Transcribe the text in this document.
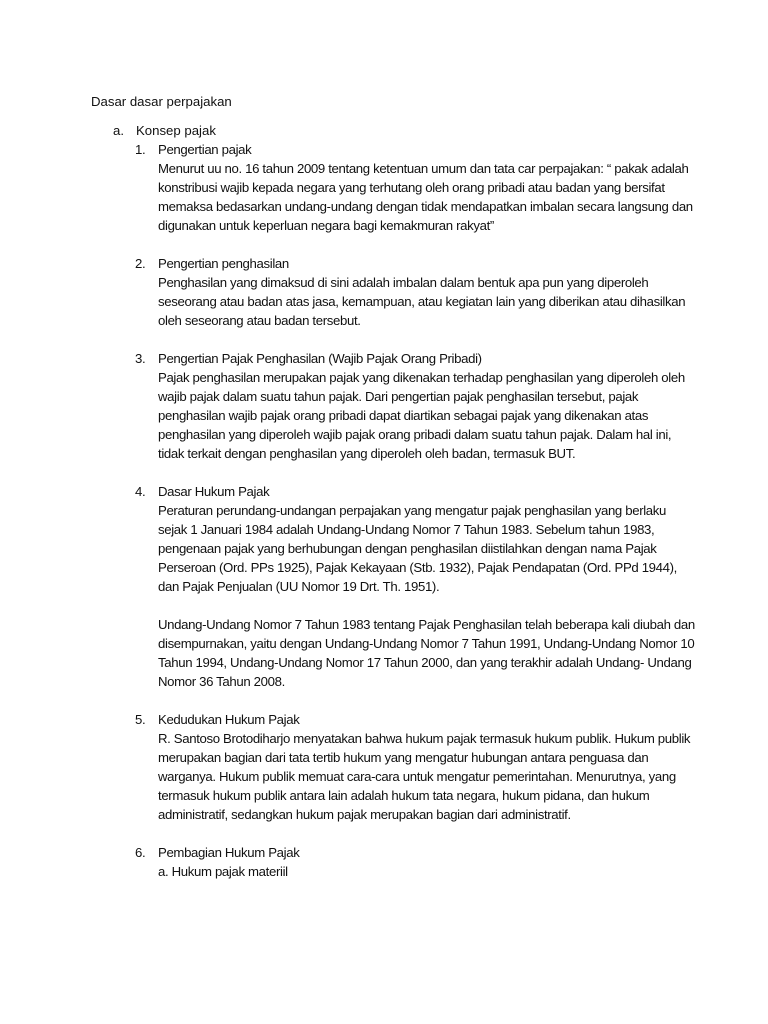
Dasar dasar perpajakan
a. Konsep pajak
1. Pengertian pajak

Menurut uu no. 16 tahun 2009 tentang ketentuan umum dan tata car perpajakan: “ pakak adalah konstribusi wajib kepada negara yang terhutang oleh orang pribadi atau badan yang bersifat memaksa bedasarkan undang-undang dengan tidak mendapatkan imbalan secara langsung dan digunakan untuk keperluan negara bagi kemakmuran rakyat”

2. Pengertian penghasilan

Penghasilan yang dimaksud di sini adalah imbalan dalam bentuk apa pun yang diperoleh seseorang atau badan atas jasa, kemampuan, atau kegiatan lain yang diberikan atau dihasilkan oleh seseorang atau badan tersebut.

3. Pengertian Pajak Penghasilan (Wajib Pajak Orang Pribadi)

Pajak penghasilan merupakan pajak yang dikenakan terhadap penghasilan yang diperoleh oleh wajib pajak dalam suatu tahun pajak. Dari pengertian pajak penghasilan tersebut, pajak penghasilan wajib pajak orang pribadi dapat diartikan sebagai pajak yang dikenakan atas penghasilan yang diperoleh wajib pajak orang pribadi dalam suatu tahun pajak. Dalam hal ini, tidak terkait dengan penghasilan yang diperoleh oleh badan, termasuk BUT.

4. Dasar Hukum Pajak

Peraturan perundang-undangan perpajakan yang mengatur pajak penghasilan yang berlaku sejak 1 Januari 1984 adalah Undang-Undang Nomor 7 Tahun 1983. Sebelum tahun 1983, pengenaan pajak yang berhubungan dengan penghasilan diistilahkan dengan nama Pajak Perseroan (Ord. PPs 1925), Pajak Kekayaan (Stb. 1932), Pajak Pendapatan (Ord. PPd 1944), dan Pajak Penjualan (UU Nomor 19 Drt. Th. 1951).

Undang-Undang Nomor 7 Tahun 1983 tentang Pajak Penghasilan telah beberapa kali diubah dan disempurnakan, yaitu dengan Undang-Undang Nomor 7 Tahun 1991, Undang-Undang Nomor 10 Tahun 1994, Undang-Undang Nomor 17 Tahun 2000, dan yang terakhir adalah Undang- Undang Nomor 36 Tahun 2008.

5. Kedudukan Hukum Pajak

R. Santoso Brotodiharjo menyatakan bahwa hukum pajak termasuk hukum publik. Hukum publik merupakan bagian dari tata tertib hukum yang mengatur hubungan antara penguasa dan warganya. Hukum publik memuat cara-cara untuk mengatur pemerintahan. Menurutnya, yang termasuk hukum publik antara lain adalah hukum tata negara, hukum pidana, dan hukum administratif, sedangkan hukum pajak merupakan bagian dari administratif.

6. Pembagian Hukum Pajak
a. Hukum pajak materiil
